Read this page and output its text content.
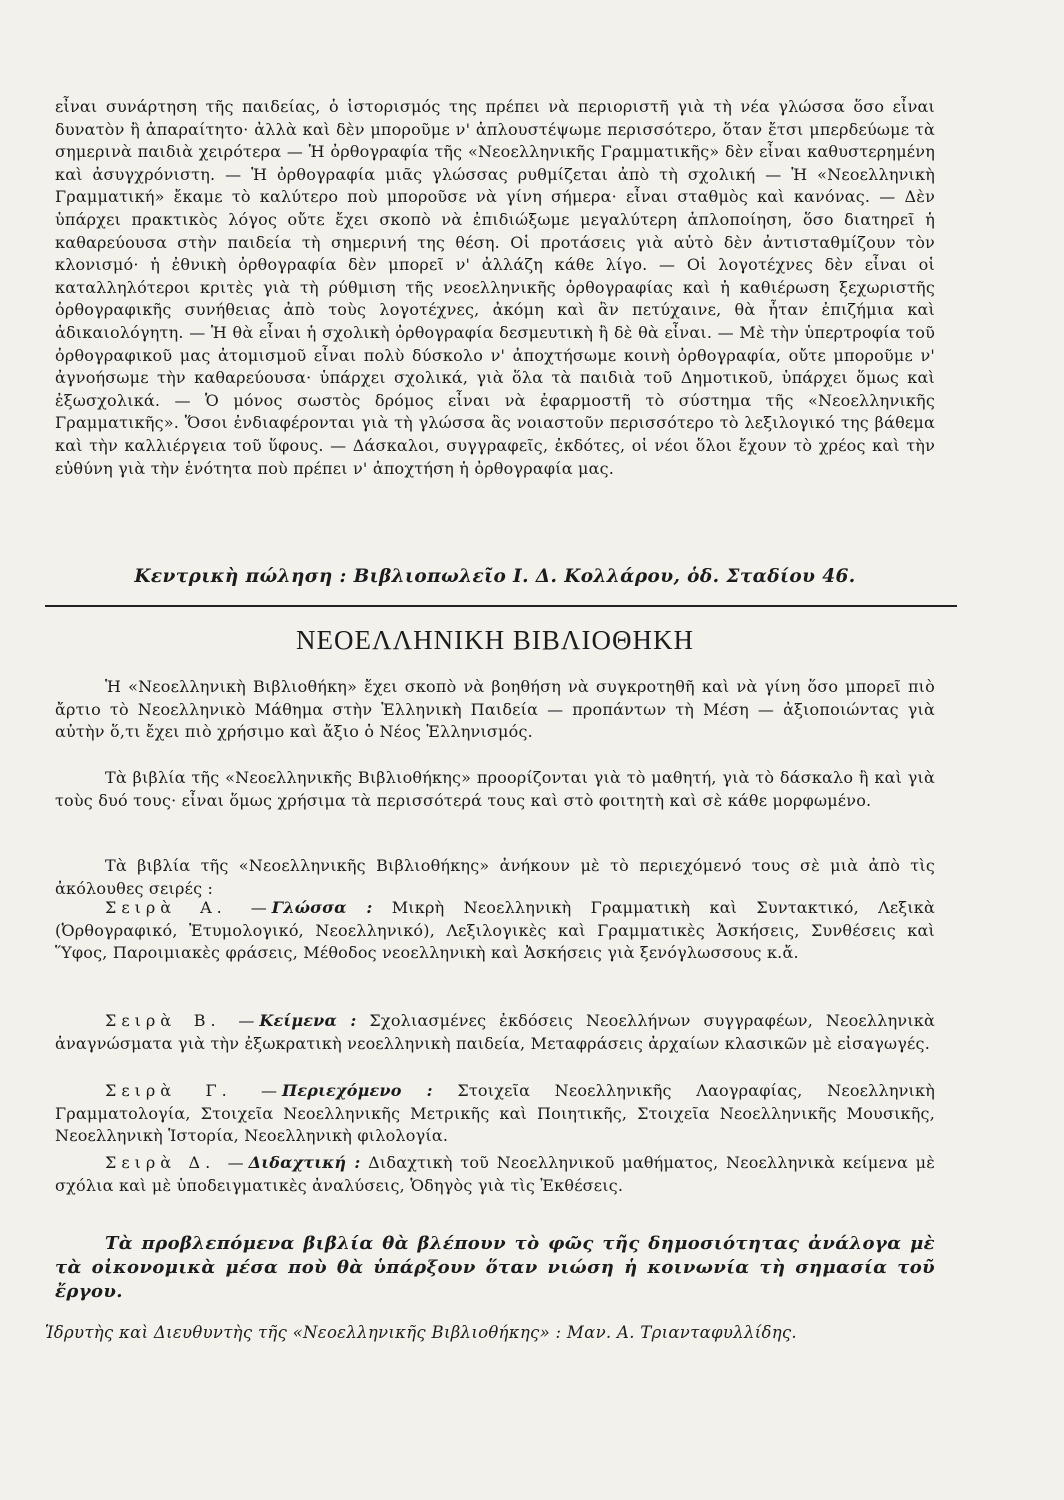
εἶναι συνάρτηση τῆς παιδείας, ὁ ἱστορισμός της πρέπει νὰ περιοριστῆ γιὰ τὴ νέα γλώσσα ὅσο εἶναι δυνατὸν ἢ ἀπαραίτητο· ἀλλὰ καὶ δὲν μποροῦμε ν' ἁπλουστέψωμε περισσότερο, ὅταν ἔτσι μπερδεύωμε τὰ σημερινὰ παιδιὰ χειρότερα — Ἡ ὀρθογραφία τῆς «Νεοελληνικῆς Γραμματικῆς» δὲν εἶναι καθυστερημένη καὶ ἀσυγχρόνιστη. — Ἡ ὀρθογραφία μιᾶς γλώσσας ρυθμίζεται ἀπὸ τὴ σχολική — Ἡ «Νεοελληνικὴ Γραμματική» ἔκαμε τὸ καλύτερο ποὺ μποροῦσε νὰ γίνη σήμερα· εἶναι σταθμὸς καὶ κανόνας. — Δὲν ὑπάρχει πρακτικὸς λόγος οὔτε ἔχει σκοπὸ νὰ ἐπιδιώξωμε μεγαλύτερη ἁπλοποίηση, ὅσο διατηρεῖ ἡ καθαρεύουσα στὴν παιδεία τὴ σημερινή της θέση. Οἱ προτάσεις γιὰ αὐτὸ δὲν ἀντισταθμίζουν τὸν κλονισμό· ἡ ἐθνικὴ ὀρθογραφία δὲν μπορεῖ ν' ἀλλάζη κάθε λίγο. — Οἱ λογοτέχνες δὲν εἶναι οἱ καταλληλότεροι κριτὲς γιὰ τὴ ρύθμιση τῆς νεοελληνικῆς ὀρθογραφίας καὶ ἡ καθιέρωση ξεχωριστῆς ὀρθογραφικῆς συνήθειας ἀπὸ τοὺς λογοτέχνες, ἀκόμη καὶ ἂν πετύχαινε, θὰ ἦταν ἐπιζήμια καὶ ἀδικαιολόγητη. — Ἡ θὰ εἶναι ἡ σχολικὴ ὀρθογραφία δεσμευτικὴ ἢ δὲ θὰ εἶναι. — Μὲ τὴν ὑπερτροφία τοῦ ὀρθογραφικοῦ μας ἀτομισμοῦ εἶναι πολὺ δύσκολο ν' ἀποχτήσωμε κοινὴ ὀρθογραφία, οὔτε μποροῦμε ν' ἀγνοήσωμε τὴν καθαρεύουσα· ὑπάρχει σχολικά, γιὰ ὅλα τὰ παιδιὰ τοῦ Δημοτικοῦ, ὑπάρχει ὅμως καὶ ἐξωσχολικά. — Ὁ μόνος σωστὸς δρόμος εἶναι νὰ ἐφαρμοστῆ τὸ σύστημα τῆς «Νεοελληνικῆς Γραμματικῆς». Ὅσοι ἐνδιαφέρονται γιὰ τὴ γλώσσα ἂς νοιαστοῦν περισσότερο τὸ λεξιλογικό της βάθεμα καὶ τὴν καλλιέργεια τοῦ ὕφους. — Δάσκαλοι, συγγραφεῖς, ἐκδότες, οἱ νέοι ὅλοι ἔχουν τὸ χρέος καὶ τὴν εὐθύνη γιὰ τὴν ἑνότητα ποὺ πρέπει ν' ἀποχτήση ἡ ὀρθογραφία μας.
Κεντρικὴ πώληση : Βιβλιοπωλεῖο Ι. Δ. Κολλάρου, ὁδ. Σταδίου 46.
ΝΕΟΕΛΛΗΝΙΚΗ ΒΙΒΛΙΟΘΗΚΗ
Ἡ «Νεοελληνικὴ Βιβλιοθήκη» ἔχει σκοπὸ νὰ βοηθήση νὰ συγκροτηθῆ καὶ νὰ γίνη ὅσο μπορεῖ πιὸ ἄρτιο τὸ Νεοελληνικὸ Μάθημα στὴν Ἑλληνικὴ Παιδεία — προπάντων τὴ Μέση — ἀξιοποιώντας γιὰ αὐτὴν ὅ,τι ἔχει πιὸ χρήσιμο καὶ ἄξιο ὁ Νέος Ἑλληνισμός.
Τὰ βιβλία τῆς «Νεοελληνικῆς Βιβλιοθήκης» προορίζονται γιὰ τὸ μαθητή, γιὰ τὸ δάσκαλο ἢ καὶ γιὰ τοὺς δυό τους· εἶναι ὅμως χρήσιμα τὰ περισσότερά τους καὶ στὸ φοιτητὴ καὶ σὲ κάθε μορφωμένο.
Τὰ βιβλία τῆς «Νεοελληνικῆς Βιβλιοθήκης» ἀνήκουν μὲ τὸ περιεχόμενό τους σὲ μιὰ ἀπὸ τὶς ἀκόλουθες σειρές :
Σειρὰ Α. —Γλώσσα : Μικρὴ Νεοελληνικὴ Γραμματικὴ καὶ Συντακτικό, Λεξικὰ (Ὀρθογραφικό, Ἐτυμολογικό, Νεοελληνικό), Λεξιλογικὲς καὶ Γραμματικὲς Ἀσκήσεις, Συνθέσεις καὶ Ὕφος, Παροιμιακὲς φράσεις, Μέθοδος νεοελληνικὴ καὶ Ἀσκήσεις γιὰ ξενόγλωσσους κ.ἄ.
Σειρὰ Β. —Κείμενα : Σχολιασμένες ἐκδόσεις Νεοελλήνων συγγραφέων, Νεοελληνικὰ ἀναγνώσματα γιὰ τὴν ἐξωκρατικὴ νεοελληνικὴ παιδεία, Μεταφράσεις ἀρχαίων κλασικῶν μὲ εἰσαγωγές.
Σειρὰ Γ. —Περιεχόμενο : Στοιχεῖα Νεοελληνικῆς Λαογραφίας, Νεοελληνικὴ Γραμματολογία, Στοιχεῖα Νεοελληνικῆς Μετρικῆς καὶ Ποιητικῆς, Στοιχεῖα Νεοελληνικῆς Μουσικῆς, Νεοελληνικὴ Ἱστορία, Νεοελληνικὴ φιλολογία.
Σειρὰ Δ. —Διδαχτική : Διδαχτικὴ τοῦ Νεοελληνικοῦ μαθήματος, Νεοελληνικὰ κείμενα μὲ σχόλια καὶ μὲ ὑποδειγματικὲς ἀναλύσεις, Ὁδηγὸς γιὰ τὶς Ἐκθέσεις.
Τὰ προβλεπόμενα βιβλία θὰ βλέπουν τὸ φῶς τῆς δημοσιότητας ἀνάλογα μὲ τὰ οἰκονομικὰ μέσα ποὺ θὰ ὑπάρξουν ὅταν νιώση ἡ κοινωνία τὴ σημασία τοῦ ἔργου.
Ἱδρυτὴς καὶ Διευθυντὴς τῆς «Νεοελληνικῆς Βιβλιοθήκης» : Μαν. Α. Τριανταφυλλίδης.
